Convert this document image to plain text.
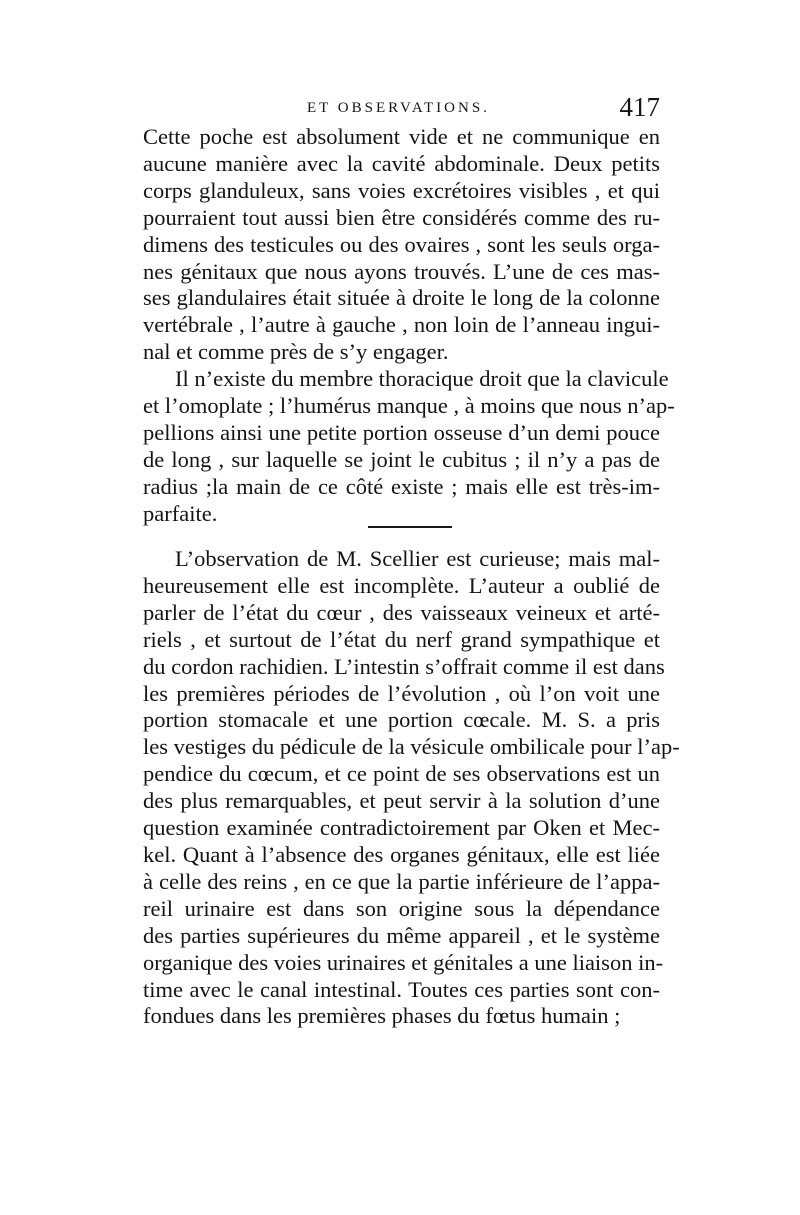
ET OBSERVATIONS.	417
Cette poche est absolument vide et ne communique en
aucune manière avec la cavité abdominale. Deux petits
corps glanduleux, sans voies excrétoires visibles , et qui
pourraient tout aussi bien être considérés comme des ru-
dimens des testicules ou des ovaires , sont les seuls orga-
nes génitaux que nous ayons trouvés. L’une de ces mas-
ses glandulaires était située à droite le long de la colonne
vertébrale , l’autre à gauche , non loin de l’anneau ingui-
nal et comme près de s’y engager.
Il n’existe du membre thoracique droit que la clavicule
et l’omoplate ; l’humérus manque , à moins que nous n’ap-
pellions ainsi une petite portion osseuse d’un demi pouce
de long , sur laquelle se joint le cubitus ; il n’y a pas de
radius ;la main de ce côté existe ; mais elle est très-im-
parfaite.
L’observation de M. Scellier est curieuse; mais mal-
heureusement elle est incomplète. L’auteur a oublié de
parler de l’état du cœur , des vaisseaux veineux et arté-
riels , et surtout de l’état du nerf grand sympathique et
du cordon rachidien. L’intestin s’offrait comme il est dans
les premières périodes de l’évolution , où l’on voit une
portion stomacale et une portion cœcale. M. S. a pris
les vestiges du pédicule de la vésicule ombilicale pour l’ap-
pendice du cœcum, et ce point de ses observations est un
des plus remarquables, et peut servir à la solution d’une
question examinée contradictoirement par Oken et Mec-
kel. Quant à l’absence des organes génitaux, elle est liée
à celle des reins , en ce que la partie inférieure de l’appa-
reil urinaire est dans son origine sous la dépendance
des parties supérieures du même appareil , et le système
organique des voies urinaires et génitales a une liaison in-
time avec le canal intestinal. Toutes ces parties sont con-
fondues dans les premières phases du fœtus humain ;
